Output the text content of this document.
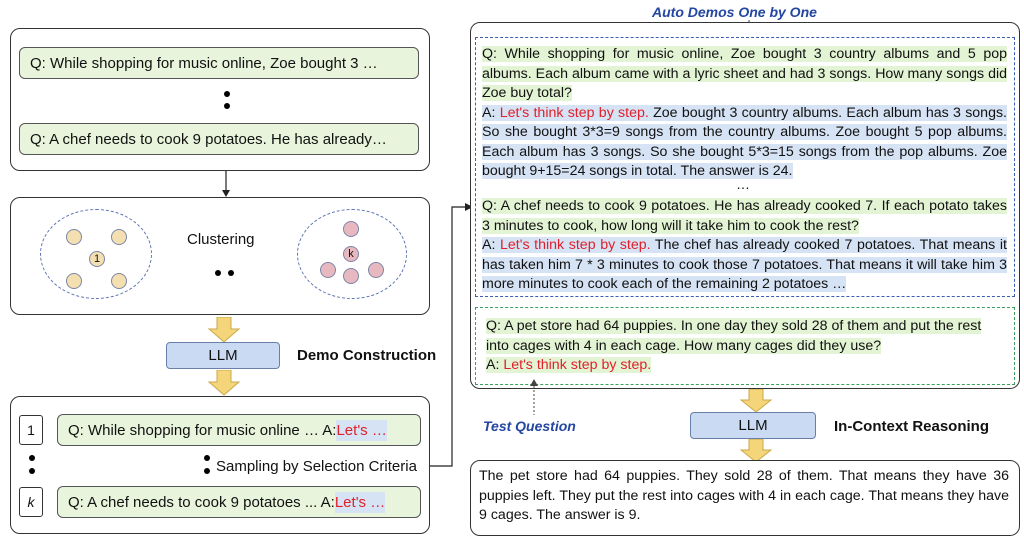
Q: While shopping for music online, Zoe bought 3 …
Q: A chef needs to cook 9 potatoes. He has already…
1
Clustering
k
LLM	Demo Construction
1 Q: While shopping for music online … A: Let's …
Sampling by Selection Criteria
k Q: A chef needs to cook 9 potatoes ... A: Let's …
Auto Demos One by One
Q: While shopping for music online, Zoe bought 3 country albums and 5 pop albums. Each album came with a lyric sheet and had 3 songs. How many songs did Zoe buy total?
A: Let's think step by step. Zoe bought 3 country albums. Each album has 3 songs. So she bought 3*3=9 songs from the country albums. Zoe bought 5 pop albums. Each album has 3 songs. So she bought 5*3=15 songs from the pop albums. Zoe bought 9+15=24 songs in total. The answer is 24.
…
Q: A chef needs to cook 9 potatoes. He has already cooked 7. If each potato takes 3 minutes to cook, how long will it take him to cook the rest?
A: Let's think step by step. The chef has already cooked 7 potatoes. That means it has taken him 7 * 3 minutes to cook those 7 potatoes. That means it will take him 3 more minutes to cook each of the remaining 2 potatoes …
Q: A pet store had 64 puppies. In one day they sold 28 of them and put the rest into cages with 4 in each cage. How many cages did they use?
A: Let's think step by step.
Test Question	LLM	In-Context Reasoning
The pet store had 64 puppies. They sold 28 of them. That means they have 36 puppies left. They put the rest into cages with 4 in each cage. That means they have 9 cages. The answer is 9.
